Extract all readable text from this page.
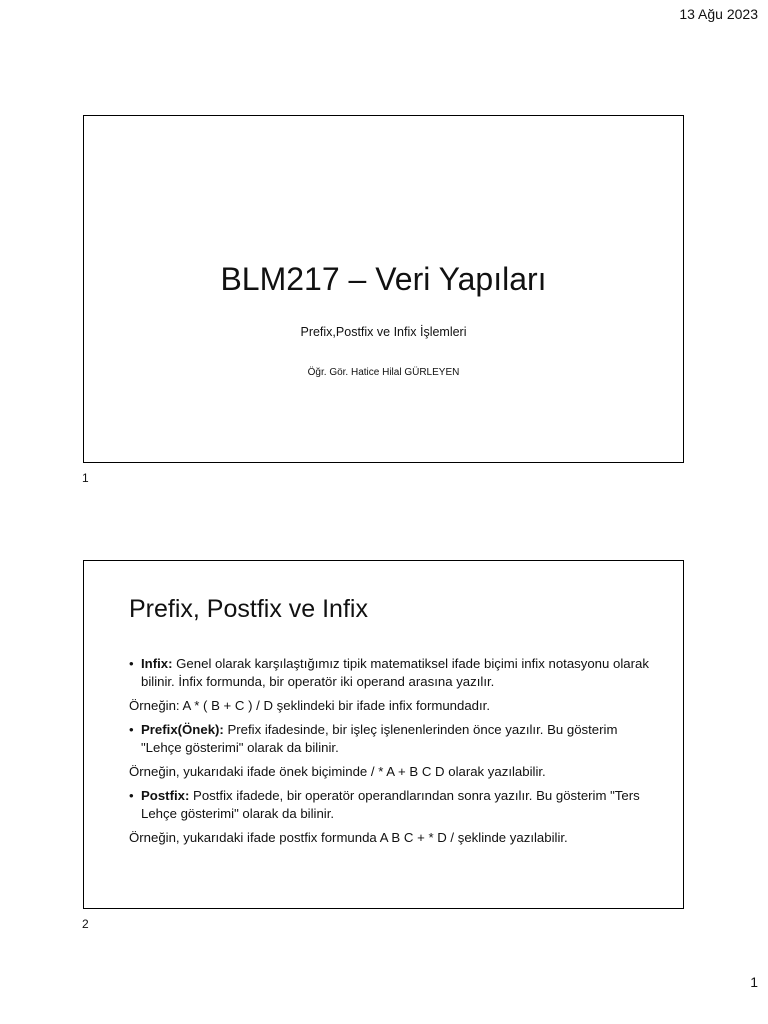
13 Ağu 2023
BLM217 – Veri Yapıları
Prefix,Postfix ve Infix İşlemleri
Öğr. Gör. Hatice Hilal GÜRLEYEN
1
Prefix, Postfix ve Infix
• Infix: Genel olarak karşılaştığımız tipik matematiksel ifade biçimi infix notasyonu olarak bilinir. İnfix formunda, bir operatör iki operand arasına yazılır.
Örneğin: A * ( B + C ) / D şeklindeki bir ifade infix formundadır.
• Prefix(Önek): Prefix ifadesinde, bir işleç işlenenlerinden önce yazılır. Bu gösterim "Lehçe gösterimi" olarak da bilinir.
Örneğin, yukarıdaki ifade önek biçiminde / * A + B C D olarak yazılabilir.
• Postfix: Postfix ifadede, bir operatör operandlarından sonra yazılır. Bu gösterim "Ters Lehçe gösterimi" olarak da bilinir.
Örneğin, yukarıdaki ifade postfix formunda A B C + * D / şeklinde yazılabilir.
2
1
